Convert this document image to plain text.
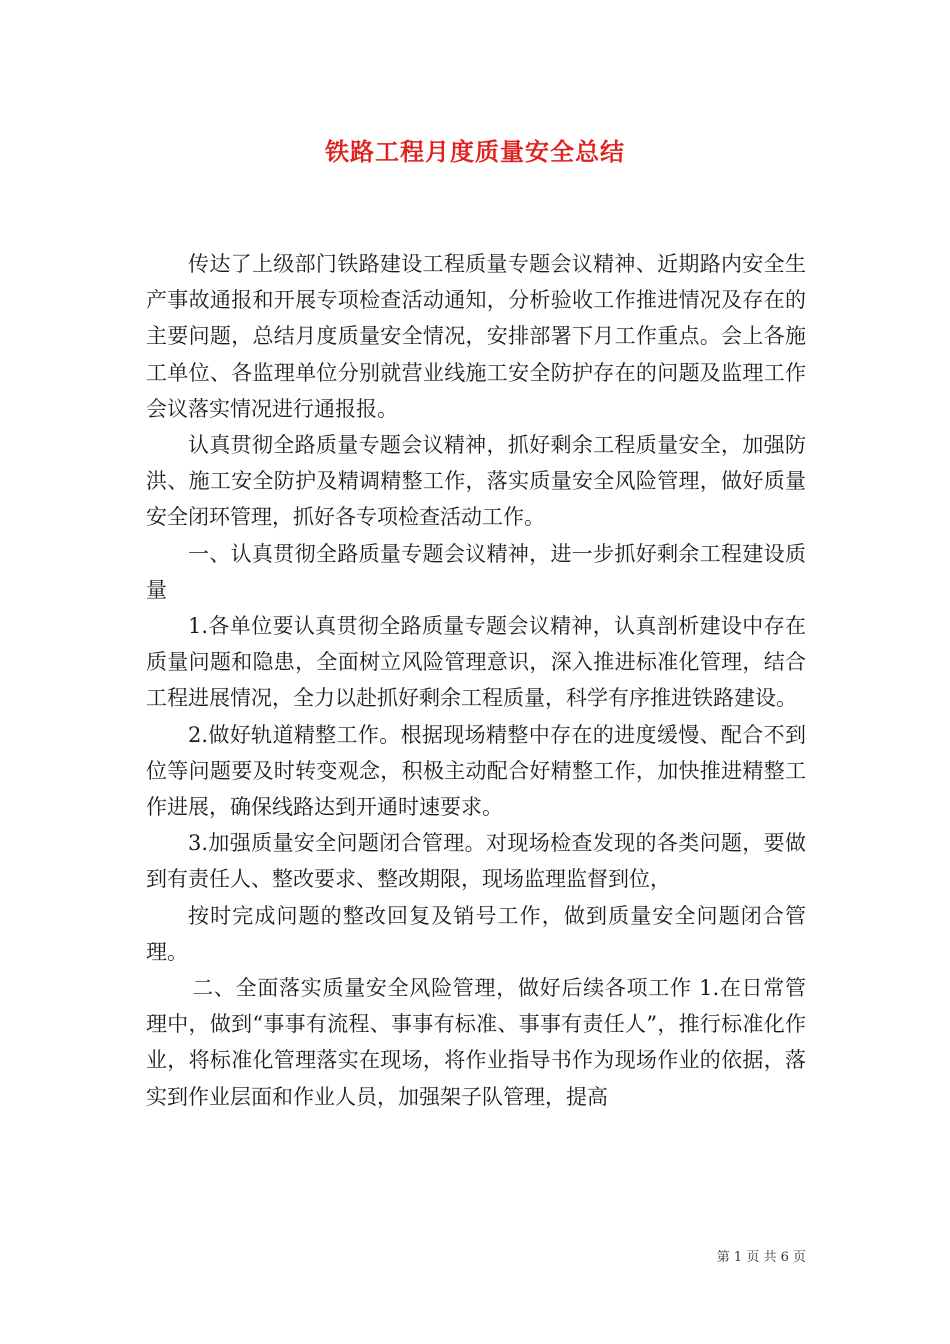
铁路工程月度质量安全总结

传达了上级部门铁路建设工程质量专题会议精神、近期路内安全生产事故通报和开展专项检查活动通知，分析验收工作推进情况及存在的主要问题，总结月度质量安全情况，安排部署下月工作重点。会上各施工单位、各监理单位分别就营业线施工安全防护存在的问题及监理工作会议落实情况进行通报报。

认真贯彻全路质量专题会议精神，抓好剩余工程质量安全，加强防洪、施工安全防护及精调精整工作，落实质量安全风险管理，做好质量安全闭环管理，抓好各专项检查活动工作。

一、认真贯彻全路质量专题会议精神，进一步抓好剩余工程建设质量

1.各单位要认真贯彻全路质量专题会议精神，认真剖析建设中存在质量问题和隐患，全面树立风险管理意识，深入推进标准化管理，结合工程进展情况，全力以赴抓好剩余工程质量，科学有序推进铁路建设。

2.做好轨道精整工作。根据现场精整中存在的进度缓慢、配合不到位等问题要及时转变观念，积极主动配合好精整工作，加快推进精整工作进展，确保线路达到开通时速要求。

3.加强质量安全问题闭合管理。对现场检查发现的各类问题，要做到有责任人、整改要求、整改期限，现场监理监督到位，

按时完成问题的整改回复及销号工作，做到质量安全问题闭合管理。

二、全面落实质量安全风险管理，做好后续各项工作 1.在日常管理中，做到“事事有流程、事事有标准、事事有责任人”，推行标准化作业，将标准化管理落实在现场，将作业指导书作为现场作业的依据，落实到作业层面和作业人员，加强架子队管理，提高

第 1 页 共 6 页
